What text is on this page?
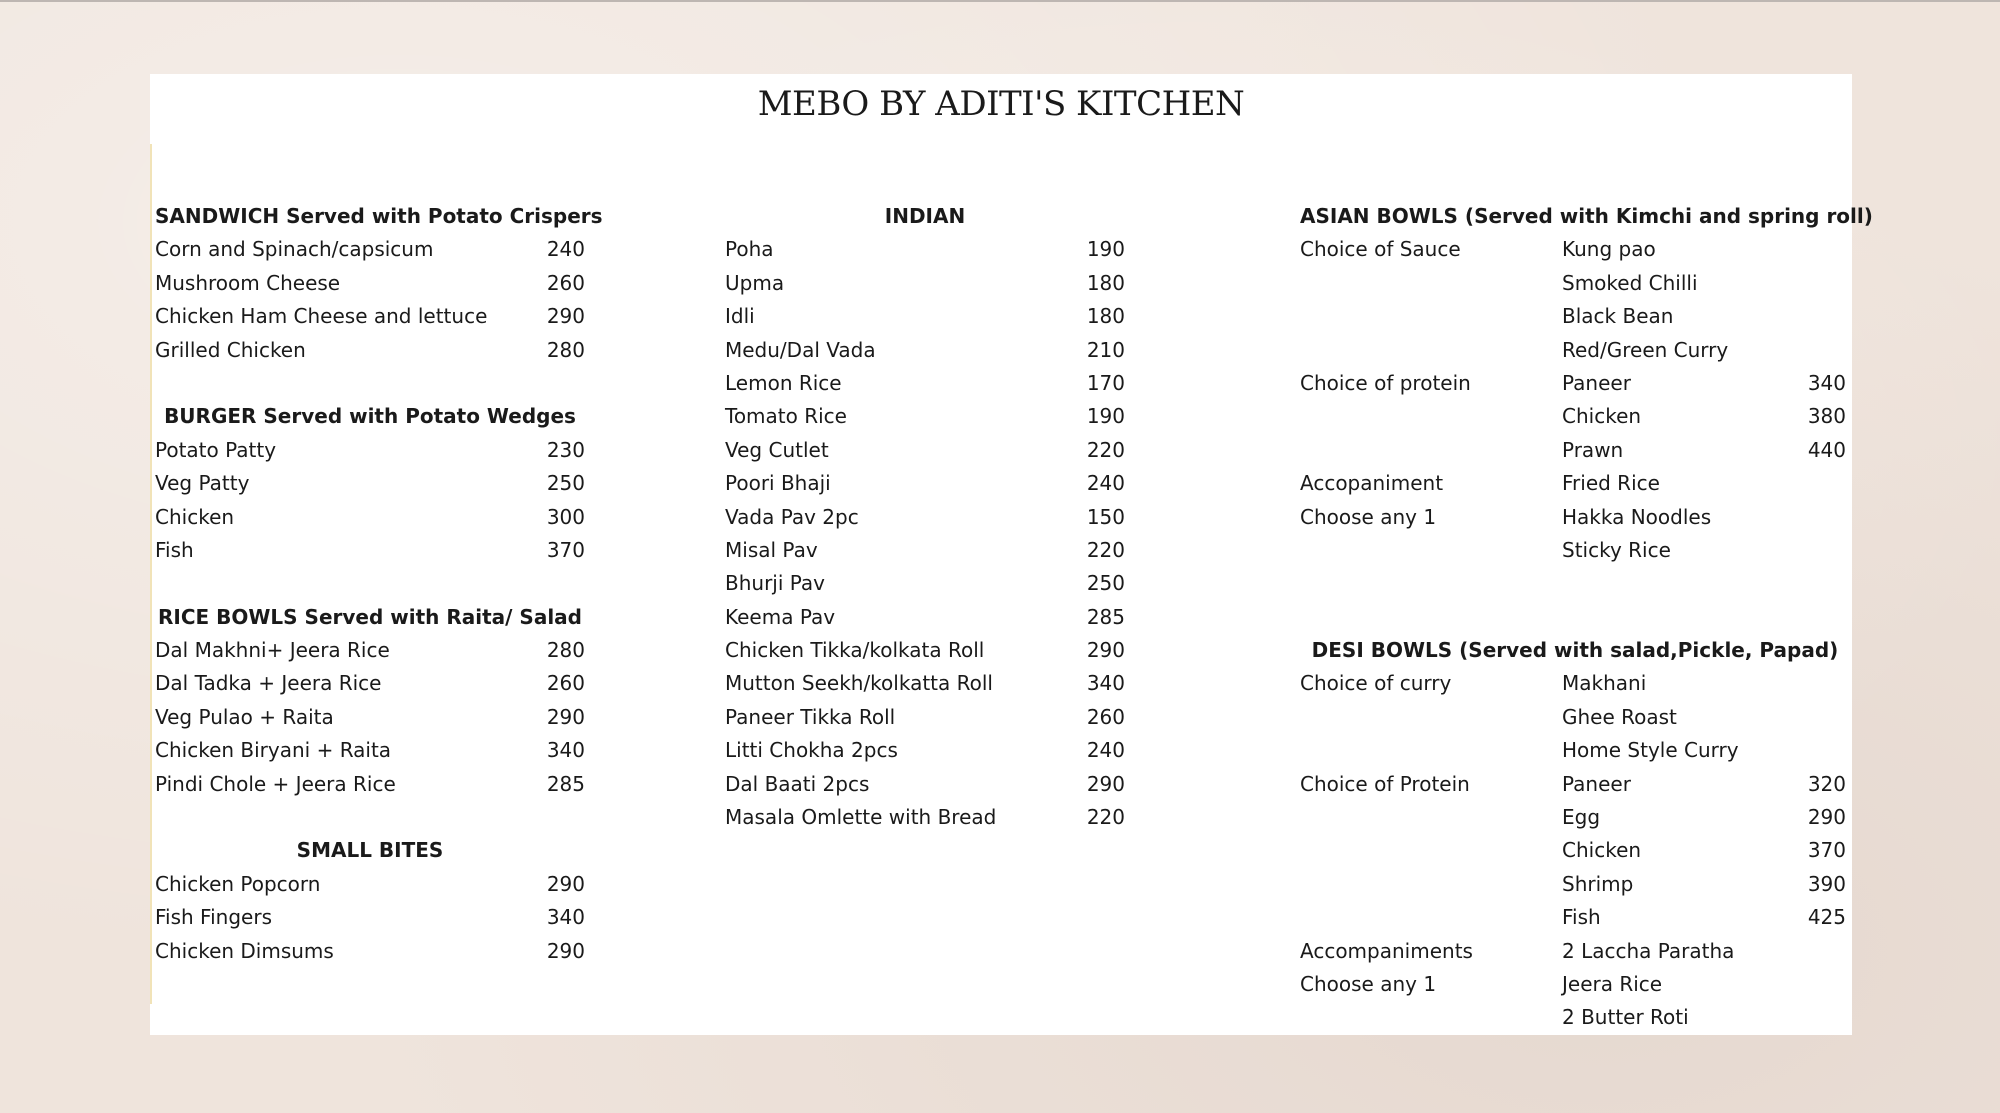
MEBO BY ADITI'S KITCHEN
SANDWICH Served with Potato Crispers
Corn and Spinach/capsicum	240
Mushroom Cheese	260
Chicken Ham Cheese and lettuce	290
Grilled Chicken	280
BURGER Served with Potato Wedges
Potato Patty	230
Veg Patty	250
Chicken	300
Fish	370
RICE BOWLS Served with Raita/ Salad
Dal Makhni+ Jeera Rice	280
Dal Tadka + Jeera Rice	260
Veg Pulao + Raita	290
Chicken Biryani + Raita	340
Pindi Chole + Jeera Rice	285
SMALL BITES
Chicken Popcorn	290
Fish Fingers	340
Chicken Dimsums	290
INDIAN
Poha	190
Upma	180
Idli	180
Medu/Dal Vada	210
Lemon Rice	170
Tomato Rice	190
Veg Cutlet	220
Poori Bhaji	240
Vada Pav 2pc	150
Misal Pav	220
Bhurji Pav	250
Keema Pav	285
Chicken Tikka/kolkata Roll	290
Mutton Seekh/kolkatta Roll	340
Paneer Tikka Roll	260
Litti Chokha 2pcs	240
Dal Baati 2pcs	290
Masala Omlette with Bread	220
ASIAN BOWLS (Served with Kimchi and spring roll)
Choice of Sauce	Kung pao
Smoked Chilli
Black Bean
Red/Green Curry
Choice of protein	Paneer	340
Chicken	380
Prawn	440
Accopaniment	Fried Rice
Choose any 1	Hakka Noodles
Sticky Rice
DESI BOWLS (Served with salad,Pickle, Papad)
Choice of curry	Makhani
Ghee Roast
Home Style Curry
Choice of Protein	Paneer	320
Egg	290
Chicken	370
Shrimp	390
Fish	425
Accompaniments	2 Laccha Paratha
Choose any 1	Jeera Rice
2 Butter Roti
